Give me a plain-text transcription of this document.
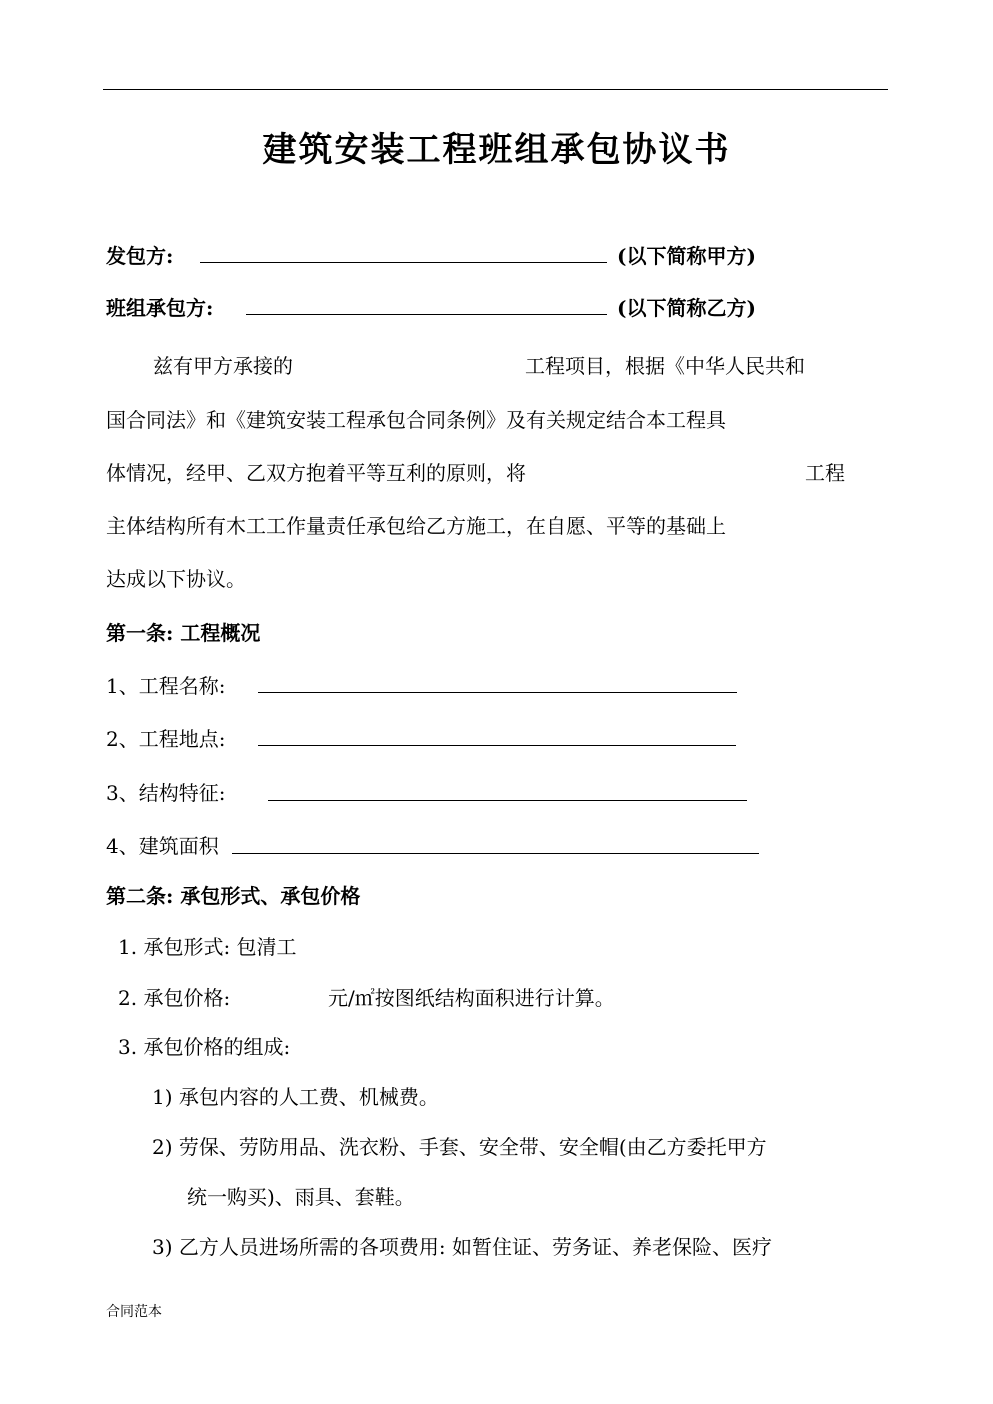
建筑安装工程班组承包协议书
发包方:	(以下简称甲方)
班组承包方:	(以下简称乙方)
兹有甲方承接的	工程项目，根据《中华人民共和
国合同法》和《建筑安装工程承包合同条例》及有关规定结合本工程具
体情况，经甲、乙双方抱着平等互利的原则，将	工程
主体结构所有木工工作量责任承包给乙方施工，在自愿、平等的基础上
达成以下协议。
第一条: 工程概况
1、工程名称:
2、工程地点:
3、结构特征:
4、建筑面积
第二条: 承包形式、承包价格
1. 承包形式: 包清工
2. 承包价格:	元/㎡按图纸结构面积进行计算。
3. 承包价格的组成:
1) 承包内容的人工费、机械费。
2) 劳保、劳防用品、洗衣粉、手套、安全带、安全帽(由乙方委托甲方
统一购买)、雨具、套鞋。
3) 乙方人员进场所需的各项费用: 如暂住证、劳务证、养老保险、医疗
合同范本
